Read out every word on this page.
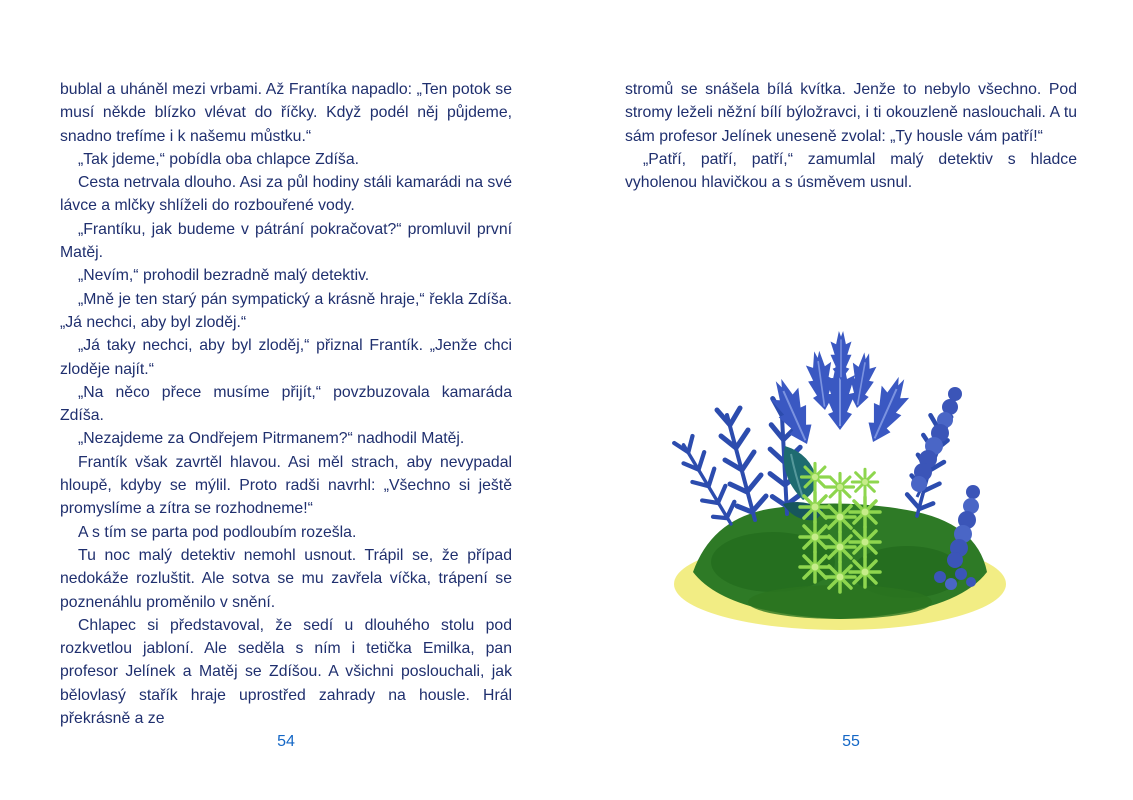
bublal a uháněl mezi vrbami. Až Frantíka napadlo: „Ten potok se musí někde blízko vlévat do říčky. Když podél něj půjdeme, snadno trefíme i k našemu můstku.“

„Tak jdeme,“ pobídla oba chlapce Zdíša.

Cesta netrvala dlouho. Asi za půl hodiny stáli kamarádi na své lávce a mlčky shlíželi do rozbouřené vody.

„Frantíku, jak budeme v pátrání pokračovat?“ promluvil první Matěj.

„Nevím,“ prohodil bezradně malý detektiv.

„Mně je ten starý pán sympatický a krásně hraje,“ řekla Zdíša. „Já nechci, aby byl zloděj.“

„Já taky nechci, aby byl zloděj,“ přiznal Frantík. „Jenže chci zloděje najít.“

„Na něco přece musíme přijít,“ povzbuzovala kamaráda Zdíša.

„Nezajdeme za Ondřejem Pitrmanem?“ nadhodil Matěj.

Frantík však zavrtěl hlavou. Asi měl strach, aby nevypadal hloupě, kdyby se mýlil. Proto radši navrhl: „Všechno si ještě promyslíme a zítra se rozhodneme!“

A s tím se parta pod podloubím rozešla.

Tu noc malý detektiv nemohl usnout. Trápil se, že případ nedokáže rozluštit. Ale sotva se mu zavřela víčka, trápení se poznenáhlu proměnilo v snění.

Chlapec si představoval, že sedí u dlouhého stolu pod rozkvetlou jabloní. Ale seděla s ním i tetička Emilka, pan profesor Jelínek a Matěj se Zdíšou. A všichni poslouchali, jak bělovlasý stařík hraje uprostřed zahrady na housle. Hrál překrásně a ze

stromů se snášela bílá kvítka. Jenže to nebylo všechno. Pod stromy leželi něžní bílí býložravci, i ti okouzleně naslouchali. A tu sám profesor Jelínek uneseně zvolal: „Ty housle vám patří!“

„Patří, patří, patří,“ zamumlal malý detektiv s hladce vyholenou hlavičkou a s úsměvem usnul.

54	55
